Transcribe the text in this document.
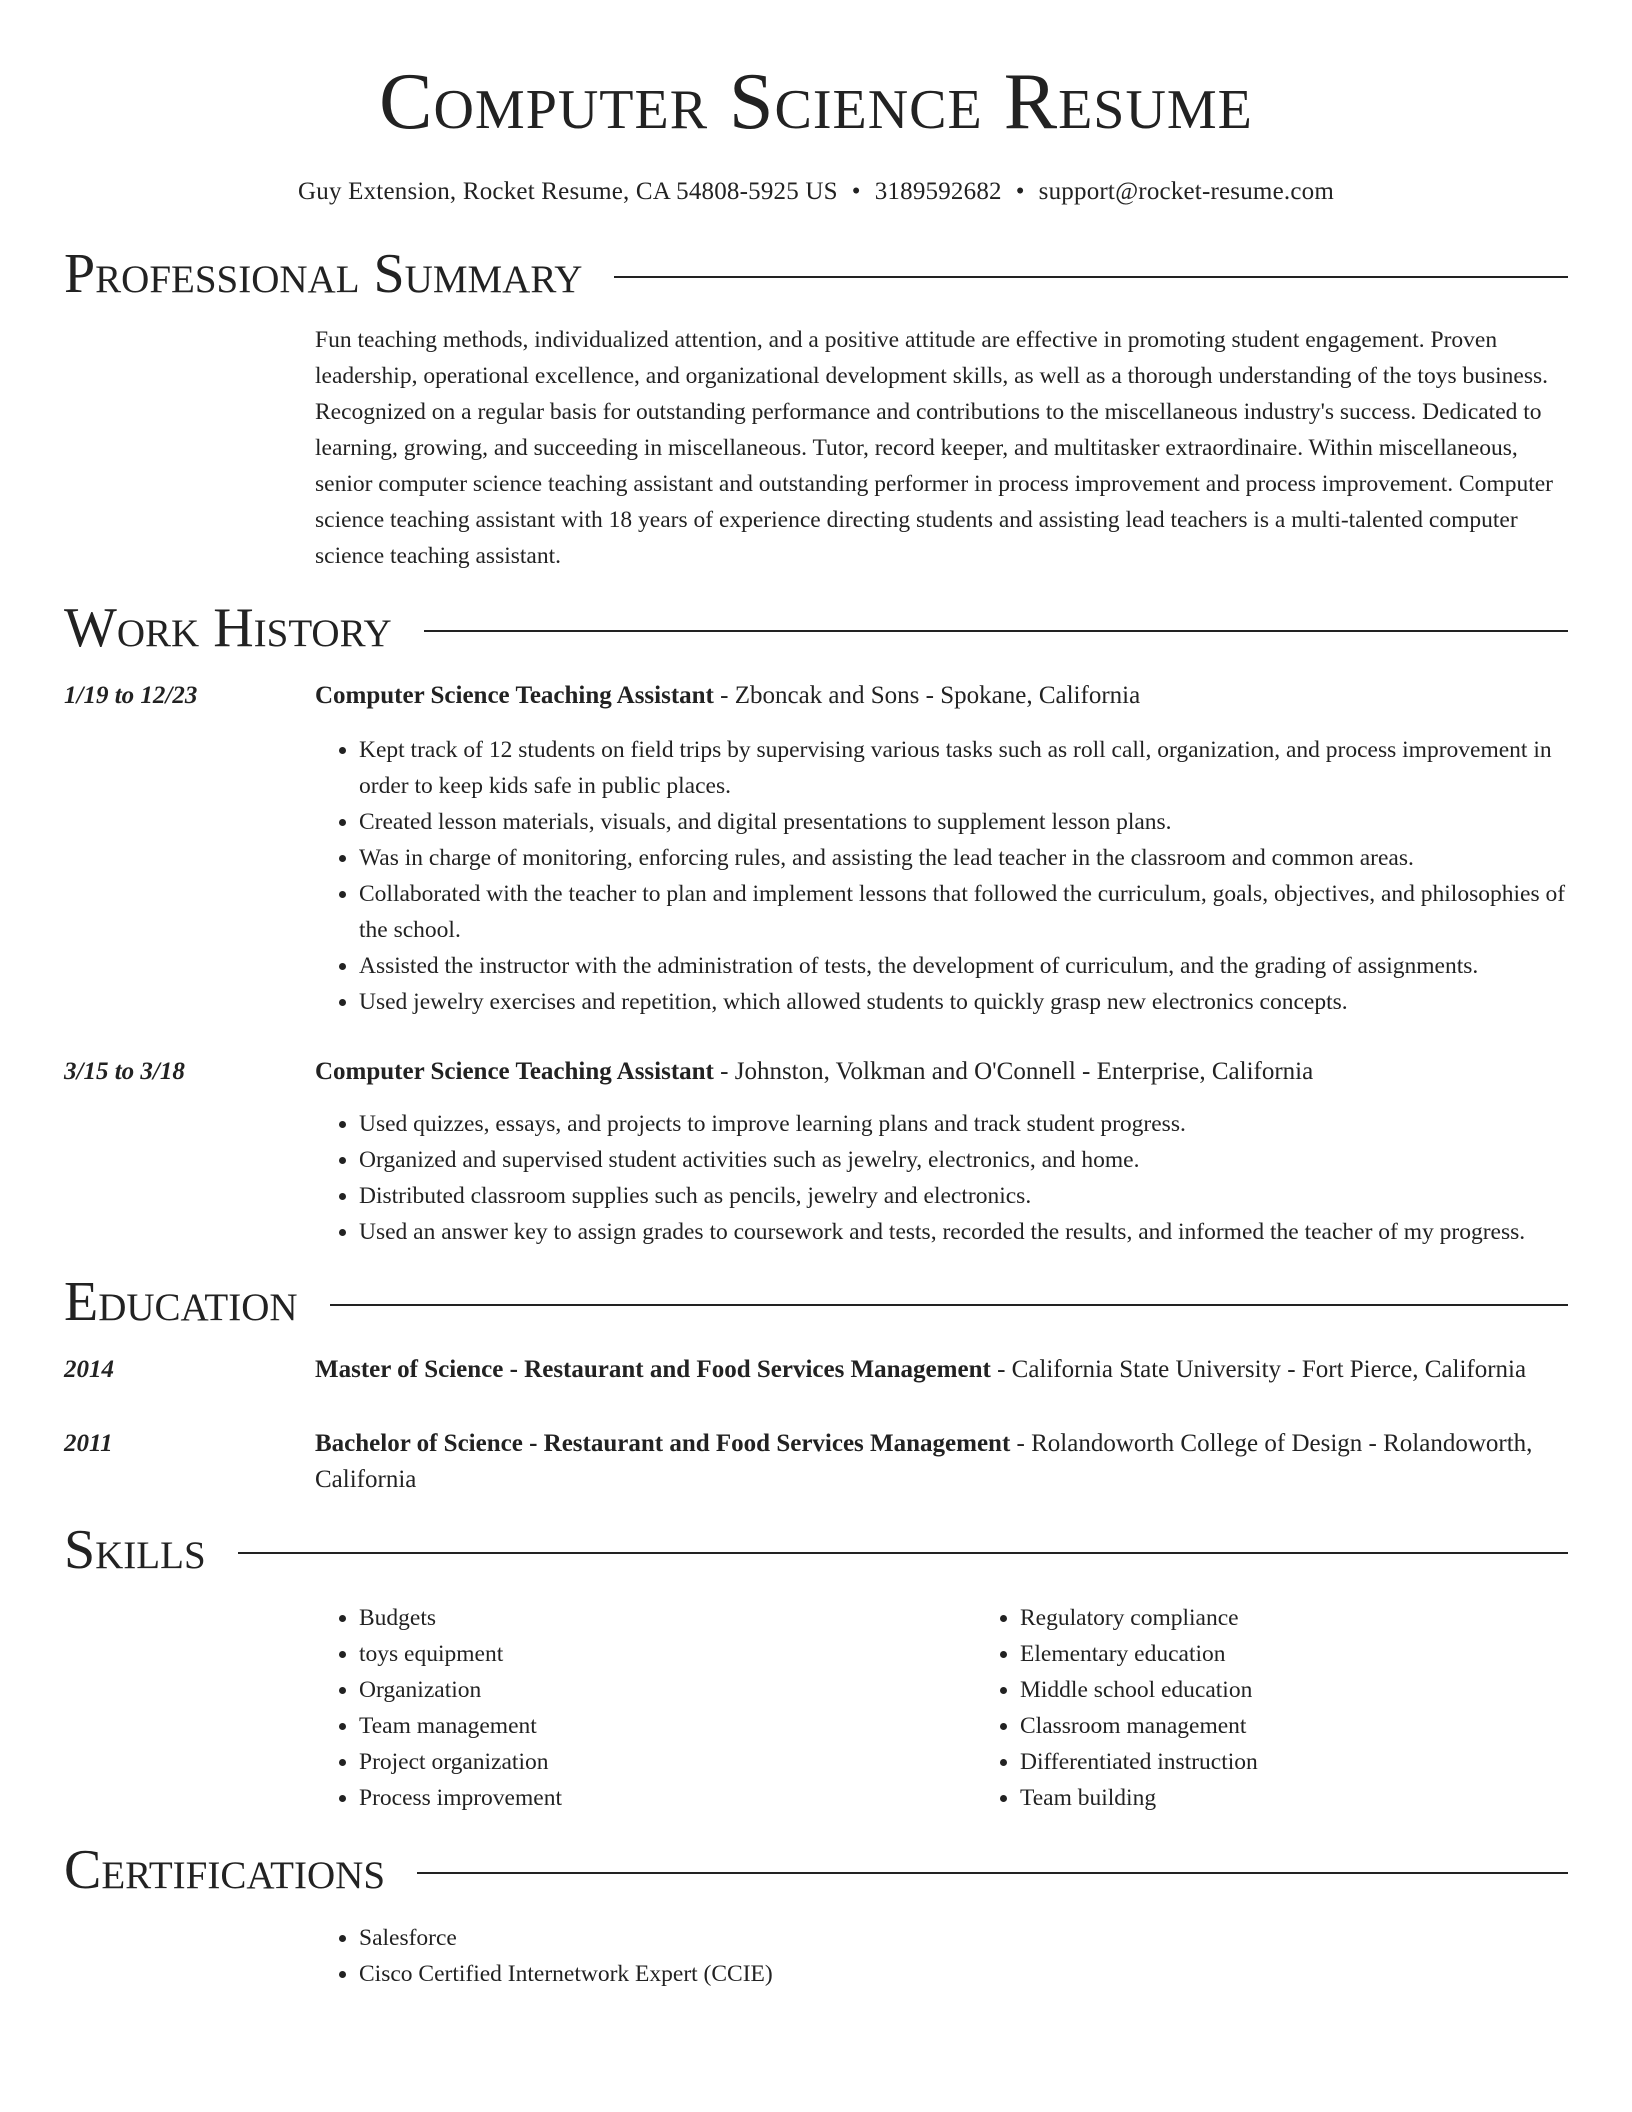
Computer Science Resume
Guy Extension, Rocket Resume, CA 54808-5925 US • 3189592682 • support@rocket-resume.com
Professional Summary

Fun teaching methods, individualized attention, and a positive attitude are effective in promoting student engagement. Proven leadership, operational excellence, and organizational development skills, as well as a thorough understanding of the toys business. Recognized on a regular basis for outstanding performance and contributions to the miscellaneous industry's success. Dedicated to learning, growing, and succeeding in miscellaneous. Tutor, record keeper, and multitasker extraordinaire. Within miscellaneous, senior computer science teaching assistant and outstanding performer in process improvement and process improvement. Computer science teaching assistant with 18 years of experience directing students and assisting lead teachers is a multi-talented computer science teaching assistant.

Work History
1/19 to 12/23	Computer Science Teaching Assistant - Zboncak and Sons - Spokane, California
• Kept track of 12 students on field trips by supervising various tasks such as roll call, organization, and process improvement in order to keep kids safe in public places.
• Created lesson materials, visuals, and digital presentations to supplement lesson plans.
• Was in charge of monitoring, enforcing rules, and assisting the lead teacher in the classroom and common areas.
• Collaborated with the teacher to plan and implement lessons that followed the curriculum, goals, objectives, and philosophies of the school.
• Assisted the instructor with the administration of tests, the development of curriculum, and the grading of assignments.
• Used jewelry exercises and repetition, which allowed students to quickly grasp new electronics concepts.
3/15 to 3/18	Computer Science Teaching Assistant - Johnston, Volkman and O'Connell - Enterprise, California
• Used quizzes, essays, and projects to improve learning plans and track student progress.
• Organized and supervised student activities such as jewelry, electronics, and home.
• Distributed classroom supplies such as pencils, jewelry and electronics.
• Used an answer key to assign grades to coursework and tests, recorded the results, and informed the teacher of my progress.
Education
2014	Master of Science - Restaurant and Food Services Management - California State University - Fort Pierce, California
2011	Bachelor of Science - Restaurant and Food Services Management - Rolandoworth College of Design - Rolandoworth, California
Skills
• Budgets
• toys equipment
• Organization
• Team management
• Project organization
• Process improvement
• Regulatory compliance
• Elementary education
• Middle school education
• Classroom management
• Differentiated instruction
• Team building
Certifications
• Salesforce
• Cisco Certified Internetwork Expert (CCIE)
